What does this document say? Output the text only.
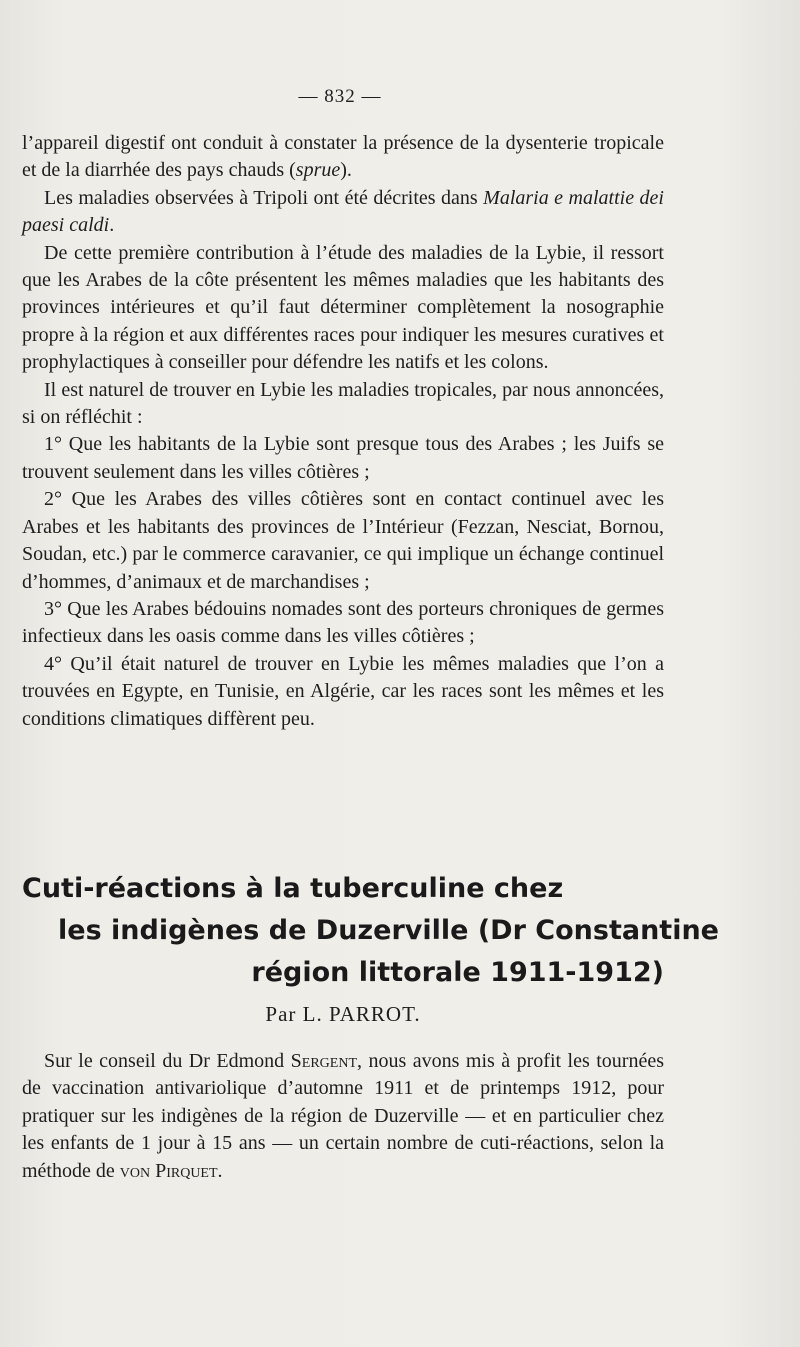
— 832 —

l’appareil digestif ont conduit à constater la présence de la dysenterie tropicale et de la diarrhée des pays chauds (sprue).

Les maladies observées à Tripoli ont été décrites dans Malaria e malattie dei paesi caldi.

De cette première contribution à l’étude des maladies de la Lybie, il ressort que les Arabes de la côte présentent les mêmes maladies que les habitants des provinces intérieures et qu’il faut déterminer complètement la nosographie propre à la région et aux différentes races pour indiquer les mesures curatives et prophylactiques à conseiller pour défendre les natifs et les colons.

Il est naturel de trouver en Lybie les maladies tropicales, par nous annoncées, si on réfléchit :

1° Que les habitants de la Lybie sont presque tous des Arabes ; les Juifs se trouvent seulement dans les villes côtières ;

2° Que les Arabes des villes côtières sont en contact continuel avec les Arabes et les habitants des provinces de l’Intérieur (Fezzan, Nesciat, Bornou, Soudan, etc.) par le commerce caravanier, ce qui implique un échange continuel d’hommes, d’animaux et de marchandises ;

3° Que les Arabes bédouins nomades sont des porteurs chroniques de germes infectieux dans les oasis comme dans les villes côtières ;

4° Qu’il était naturel de trouver en Lybie les mêmes maladies que l’on a trouvées en Egypte, en Tunisie, en Algérie, car les races sont les mêmes et les conditions climatiques diffèrent peu.

Cuti-réactions à la tuberculine chez
les indigènes de Duzerville (Dr Constantine
région littorale 1911-1912)
Par L. PARROT.

Sur le conseil du Dr Edmond Sergent, nous avons mis à profit les tournées de vaccination antivariolique d’automne 1911 et de printemps 1912, pour pratiquer sur les indigènes de la région de Duzerville — et en particulier chez les enfants de 1 jour à 15 ans — un certain nombre de cuti-réactions, selon la méthode de von Pirquet.
